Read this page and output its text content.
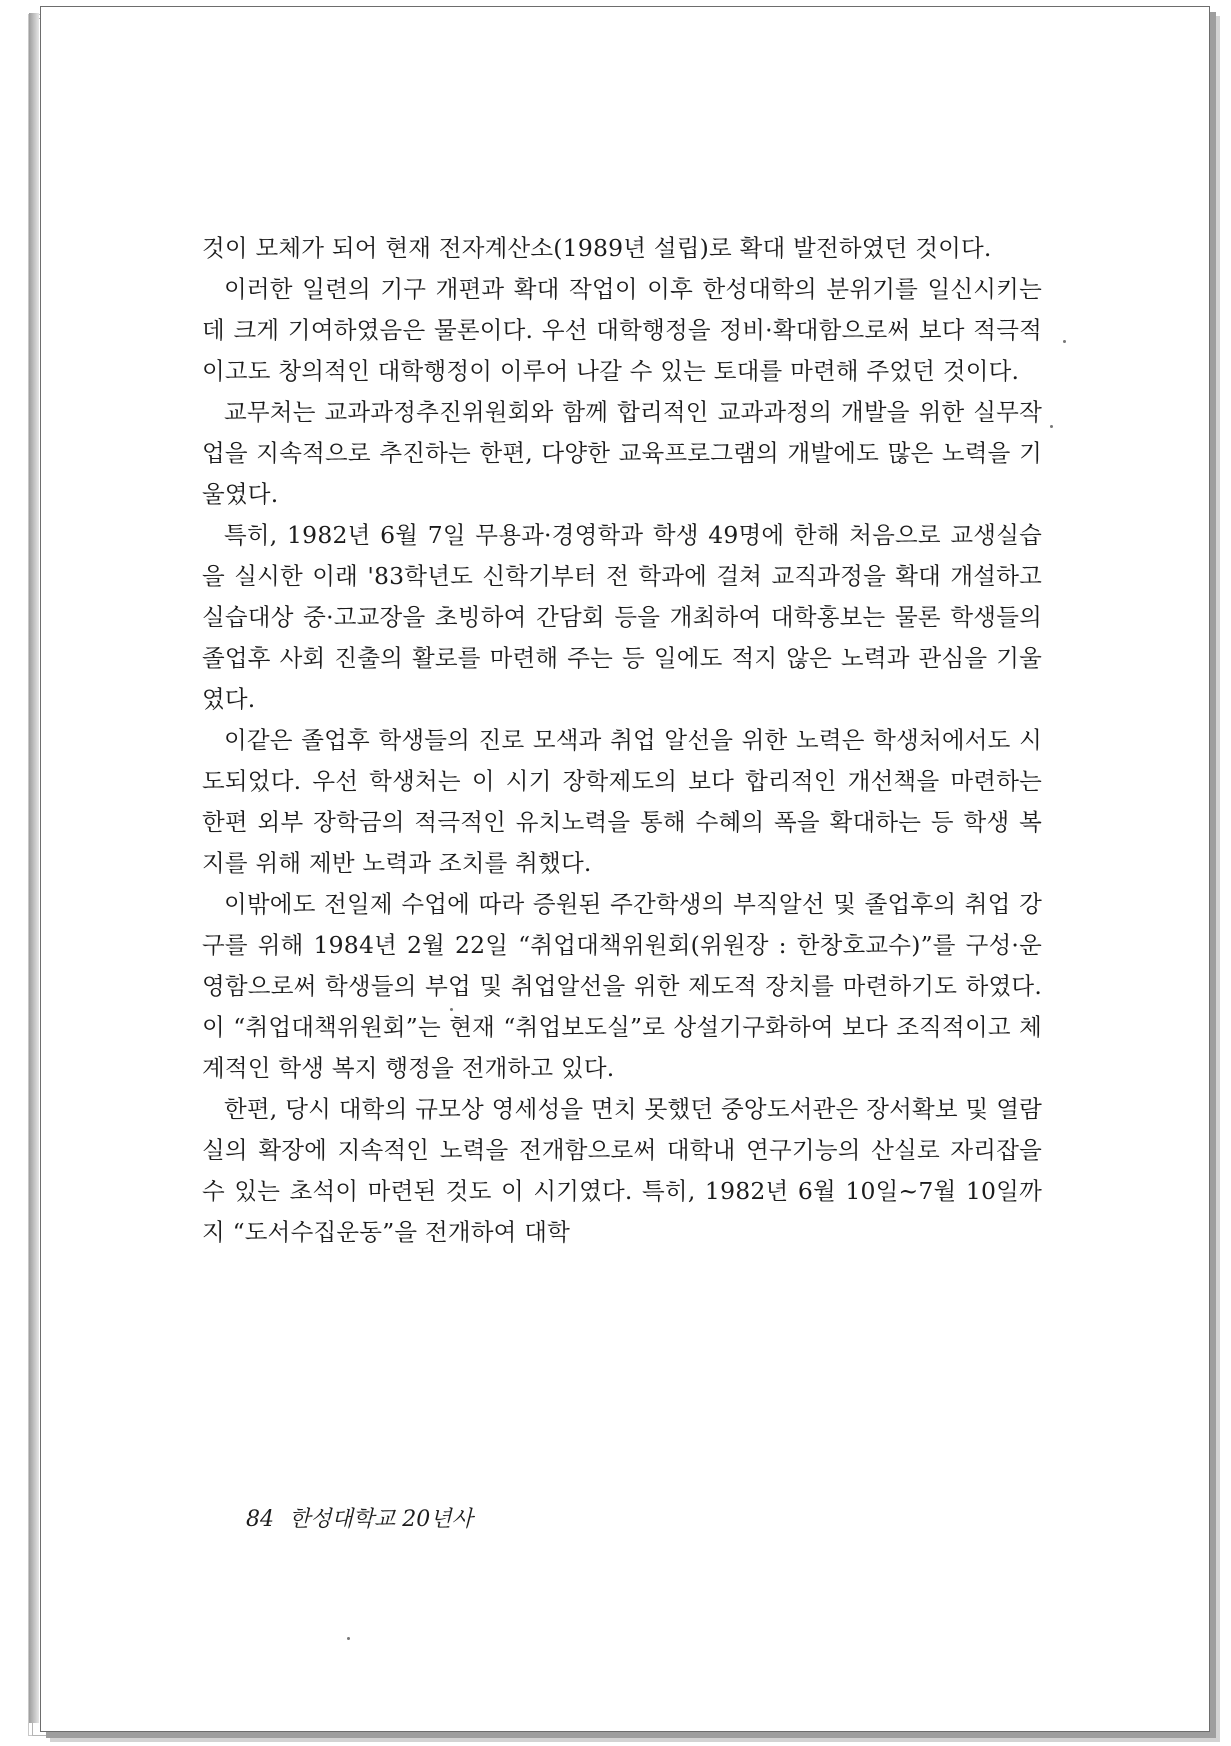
것이 모체가 되어 현재 전자계산소(1989년 설립)로 확대 발전하였던 것이다.

이러한 일련의 기구 개편과 확대 작업이 이후 한성대학의 분위기를 일신시키는데 크게 기여하였음은 물론이다. 우선 대학행정을 정비·확대함으로써 보다 적극적이고도 창의적인 대학행정이 이루어 나갈 수 있는 토대를 마련해 주었던 것이다.

교무처는 교과과정추진위원회와 함께 합리적인 교과과정의 개발을 위한 실무작업을 지속적으로 추진하는 한편, 다양한 교육프로그램의 개발에도 많은 노력을 기울였다.

특히, 1982년 6월 7일 무용과·경영학과 학생 49명에 한해 처음으로 교생실습을 실시한 이래 '83학년도 신학기부터 전 학과에 걸쳐 교직과정을 확대 개설하고 실습대상 중·고교장을 초빙하여 간담회 등을 개최하여 대학홍보는 물론 학생들의 졸업후 사회 진출의 활로를 마련해 주는 등 일에도 적지 않은 노력과 관심을 기울였다.

이같은 졸업후 학생들의 진로 모색과 취업 알선을 위한 노력은 학생처에서도 시도되었다. 우선 학생처는 이 시기 장학제도의 보다 합리적인 개선책을 마련하는 한편 외부 장학금의 적극적인 유치노력을 통해 수혜의 폭을 확대하는 등 학생 복지를 위해 제반 노력과 조치를 취했다.

이밖에도 전일제 수업에 따라 증원된 주간학생의 부직알선 및 졸업후의 취업 강구를 위해 1984년 2월 22일 “취업대책위원회(위원장 : 한창호교수)”를 구성·운영함으로써 학생들의 부업 및 취업알선을 위한 제도적 장치를 마련하기도 하였다. 이 “취업대책위원회”는 현재 “취업보도실”로 상설기구화하여 보다 조직적이고 체계적인 학생 복지 행정을 전개하고 있다.

한편, 당시 대학의 규모상 영세성을 면치 못했던 중앙도서관은 장서확보 및 열람실의 확장에 지속적인 노력을 전개함으로써 대학내 연구기능의 산실로 자리잡을 수 있는 초석이 마련된 것도 이 시기였다. 특히, 1982년 6월 10일~7월 10일까지 “도서수집운동”을 전개하여 대학

84 한성대학교 20년사
